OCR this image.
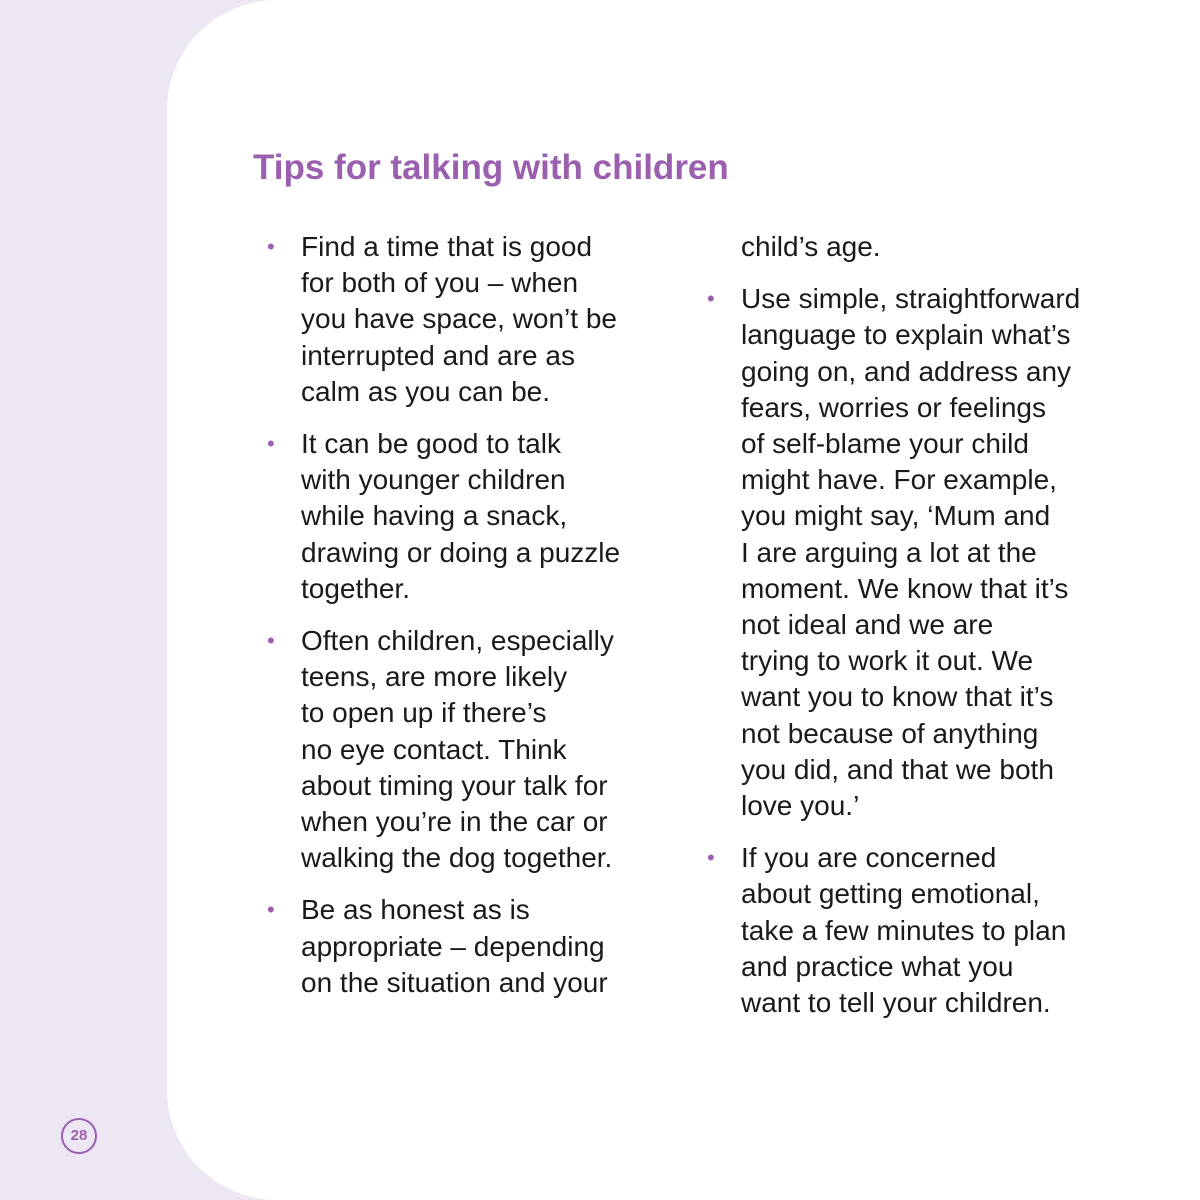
Tips for talking with children
• Find a time that is good
for both of you – when
you have space, won’t be
interrupted and are as
calm as you can be.
• It can be good to talk
with younger children
while having a snack,
drawing or doing a puzzle
together.
• Often children, especially
teens, are more likely
to open up if there’s
no eye contact. Think
about timing your talk for
when you’re in the car or
walking the dog together.
• Be as honest as is
appropriate – depending
on the situation and your
child’s age.
• Use simple, straightforward
language to explain what’s
going on, and address any
fears, worries or feelings
of self-blame your child
might have. For example,
you might say, ‘Mum and
I are arguing a lot at the
moment. We know that it’s
not ideal and we are
trying to work it out. We
want you to know that it’s
not because of anything
you did, and that we both
love you.’
• If you are concerned
about getting emotional,
take a few minutes to plan
and practice what you
want to tell your children.
28
